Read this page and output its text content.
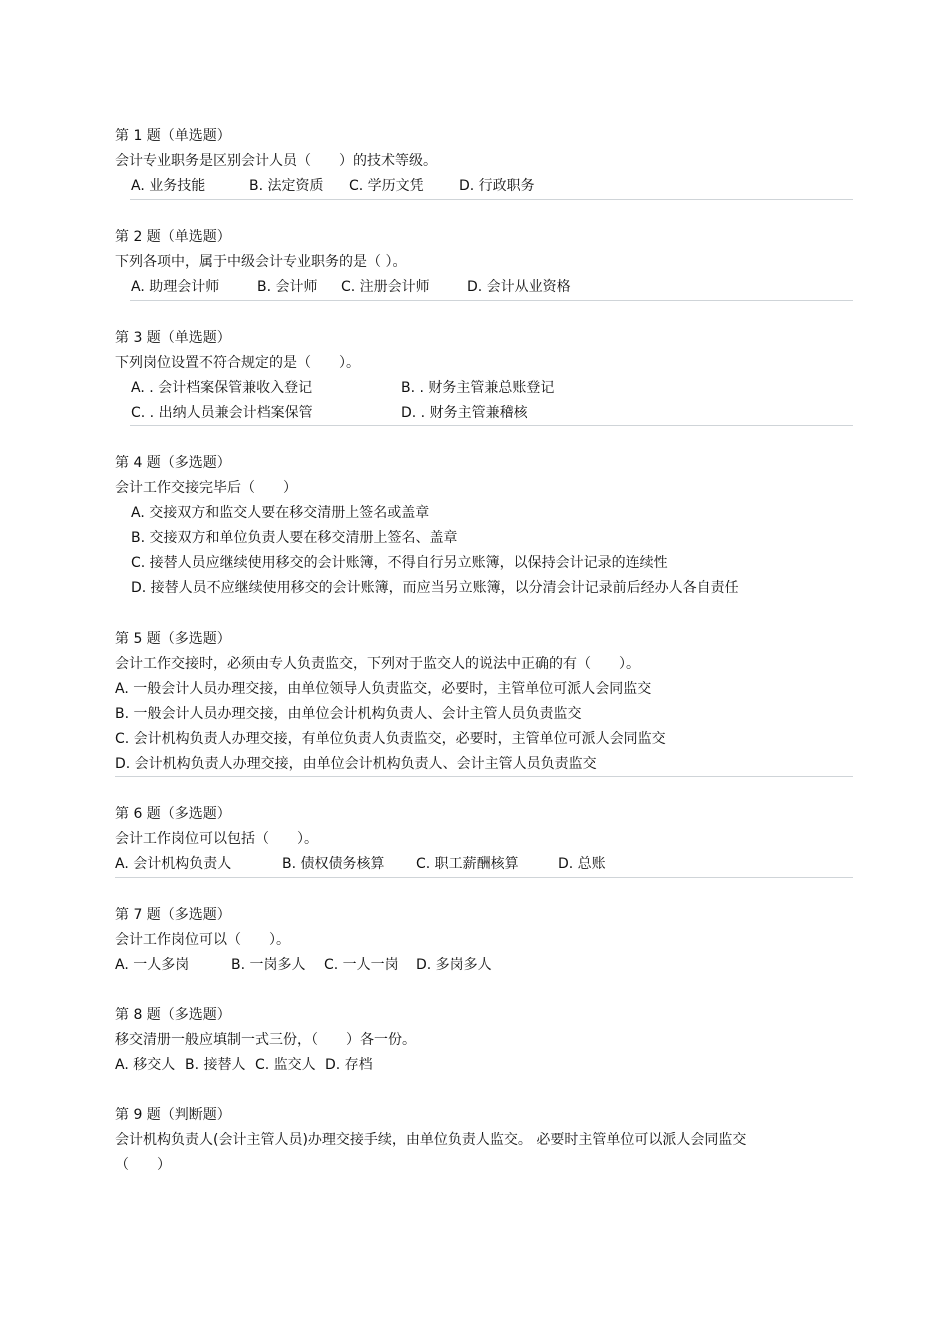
第 1 题（单选题）
会计专业职务是区别会计人员（　　）的技术等级。
A. 业务技能	B. 法定资质	C. 学历文凭	D. 行政职务
第 2 题（单选题）
下列各项中，属于中级会计专业职务的是（ ）。
A. 助理会计师	B. 会计师	C. 注册会计师	D. 会计从业资格
第 3 题（单选题）
下列岗位设置不符合规定的是（　　）。
A. . 会计档案保管兼收入登记	B. . 财务主管兼总账登记
C. . 出纳人员兼会计档案保管	D. . 财务主管兼稽核
第 4 题（多选题）
会计工作交接完毕后（　　）
A. 交接双方和监交人要在移交清册上签名或盖章
B. 交接双方和单位负责人要在移交清册上签名、盖章
C. 接替人员应继续使用移交的会计账簿，不得自行另立账簿，以保持会计记录的连续性
D. 接替人员不应继续使用移交的会计账簿，而应当另立账簿，以分清会计记录前后经办人各自责任
第 5 题（多选题）
会计工作交接时，必须由专人负责监交，下列对于监交人的说法中正确的有（　　）。
A. 一般会计人员办理交接，由单位领导人负责监交，必要时，主管单位可派人会同监交
B. 一般会计人员办理交接，由单位会计机构负责人、会计主管人员负责监交
C. 会计机构负责人办理交接，有单位负责人负责监交，必要时，主管单位可派人会同监交
D. 会计机构负责人办理交接，由单位会计机构负责人、会计主管人员负责监交
第 6 题（多选题）
会计工作岗位可以包括（　　）。
A. 会计机构负责人	B. 债权债务核算	C. 职工薪酬核算	D. 总账
第 7 题（多选题）
会计工作岗位可以（　　）。
A. 一人多岗	B. 一岗多人	C. 一人一岗	D. 多岗多人
第 8 题（多选题）
移交清册一般应填制一式三份，（　　）各一份。
A. 移交人 B. 接替人 C. 监交人 D. 存档
第 9 题（判断题）
会计机构负责人(会计主管人员)办理交接手续，由单位负责人监交。 必要时主管单位可以派人会同监交
（　　）
